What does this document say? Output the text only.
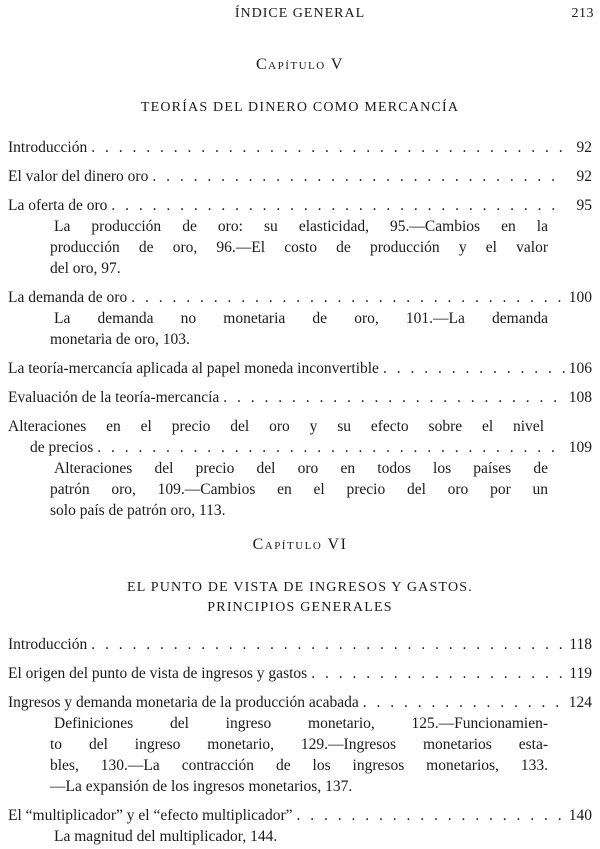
ÍNDICE GENERAL	213
Capítulo V
TEORÍAS DEL DINERO COMO MERCANCÍA
Introducción . . .	92
El valor del dinero oro . . .	92
La oferta de oro . . .	95
La producción de oro: su elasticidad, 95.—Cambios en la
producción de oro, 96.—El costo de producción y el valor
del oro, 97.
La demanda de oro . . .	100
La demanda no monetaria de oro, 101.—La demanda
monetaria de oro, 103.
La teoría-mercancía aplicada al papel moneda inconvertible . . .	106
Evaluación de la teoría-mercancía . . .	108
Alteraciones en el precio del oro y su efecto sobre el nivel
de precios . . .	109
Alteraciones del precio del oro en todos los países de
patrón oro, 109.—Cambios en el precio del oro por un
solo país de patrón oro, 113.
Capítulo VI
EL PUNTO DE VISTA DE INGRESOS Y GASTOS.
PRINCIPIOS GENERALES
Introducción . . .	118
El origen del punto de vista de ingresos y gastos . . .	119
Ingresos y demanda monetaria de la producción acabada . . .	124
Definiciones del ingreso monetario, 125.—Funcionamien-
to del ingreso monetario, 129.—Ingresos monetarios esta-
bles, 130.—La contracción de los ingresos monetarios, 133.
—La expansión de los ingresos monetarios, 137.
El “multiplicador” y el “efecto multiplicador” . . .	140
La magnitud del multiplicador, 144.
